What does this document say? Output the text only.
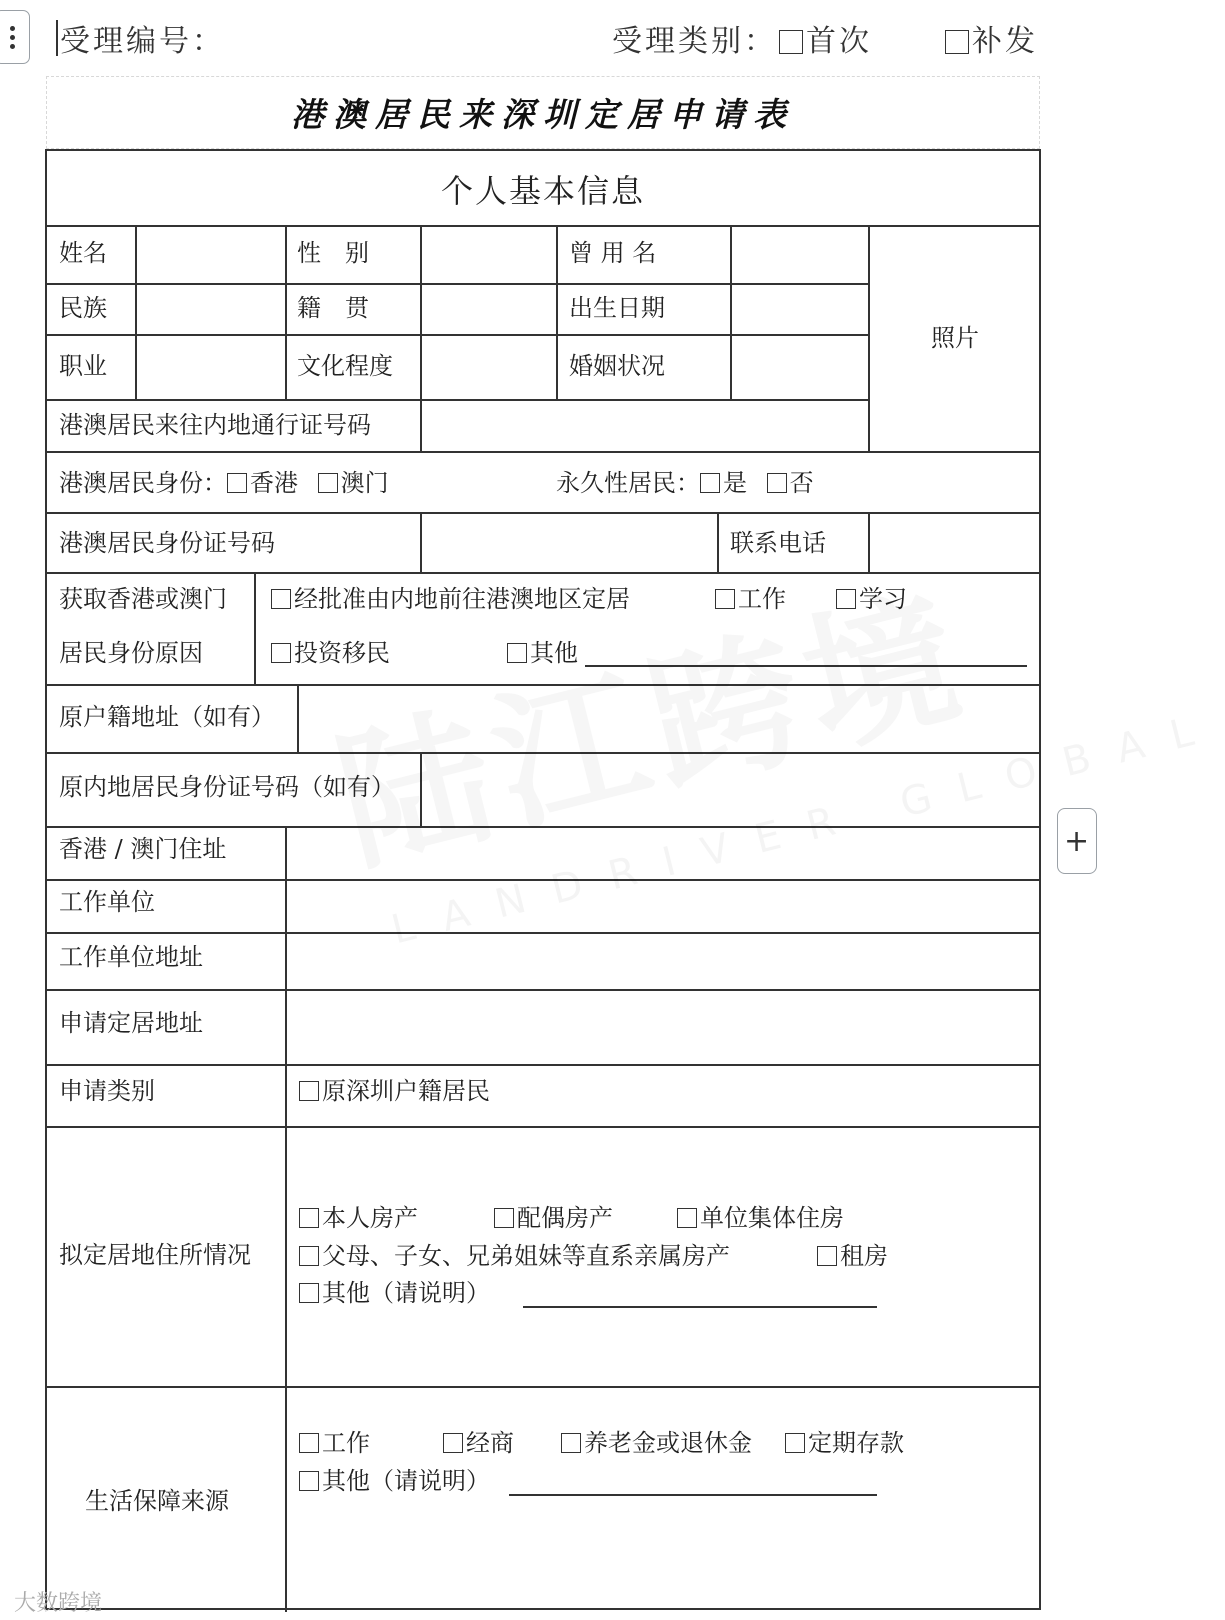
受理编号：	受理类别： 首次	补发
港澳居民来深圳定居申请表
个人基本信息
姓名	性　别	曾 用 名
民族	籍　贯	出生日期
职业	文化程度	婚姻状况
照片
港澳居民来往内地通行证号码
港澳居民身份： 香港 澳门	永久性居民： 是 否
港澳居民身份证号码	联系电话
获取香港或澳门
居民身份原因
经批准由内地前往港澳地区定居	工作	学习
投资移民	其他
原户籍地址（如有）
原内地居民身份证号码（如有）
香港 / 澳门住址
工作单位
工作单位地址
申请定居地址
申请类别	原深圳户籍居民
拟定居地住所情况
本人房产	配偶房产	单位集体住房
父母、子女、兄弟姐妹等直系亲属房产	租房
其他（请说明）
生活保障来源
工作	经商	养老金或退休金	定期存款
其他（请说明）
+
大数跨境
